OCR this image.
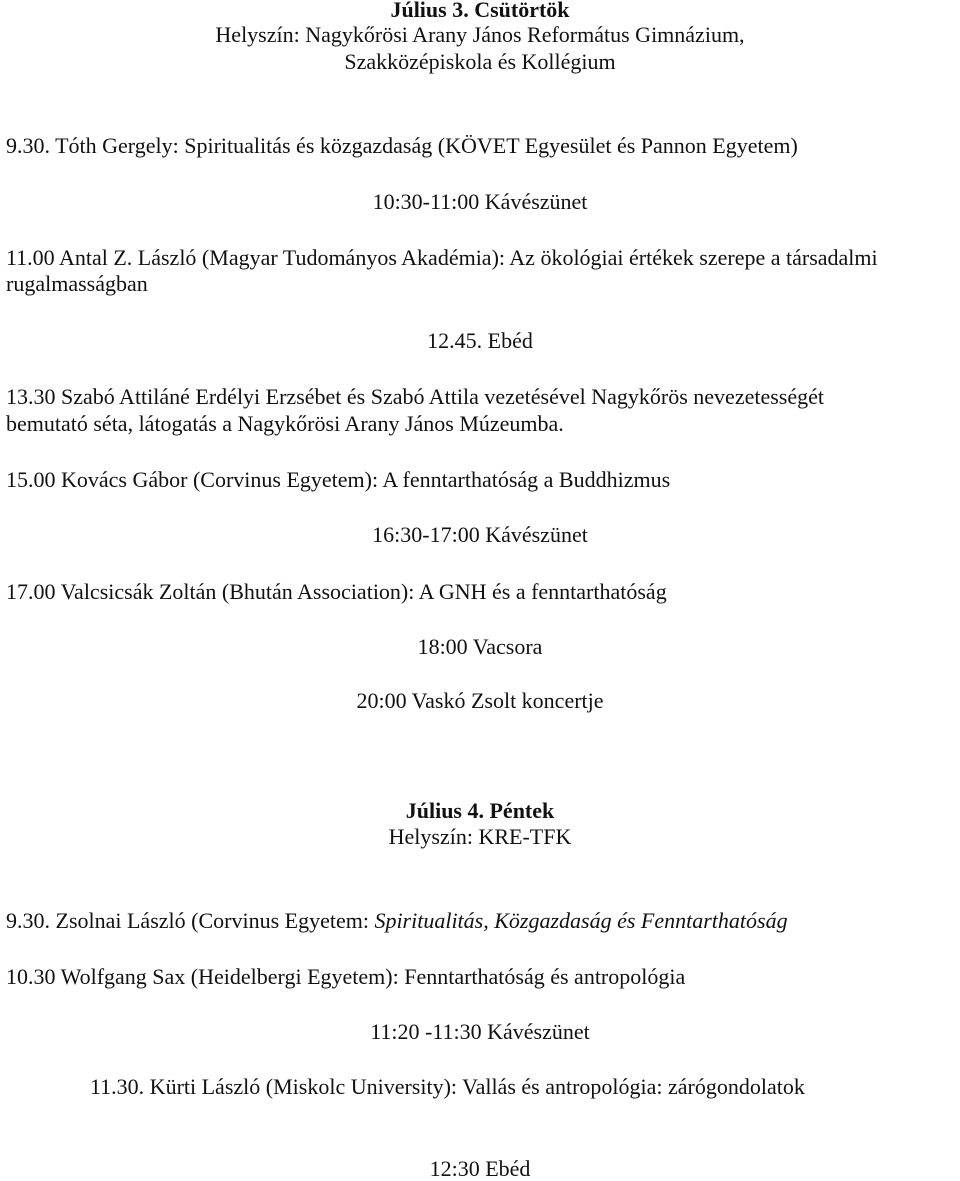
Július 3. Csütörtök
Helyszín: Nagykőrösi Arany János Református Gimnázium,
Szakközépiskola és Kollégium
9.30. Tóth Gergely: Spiritualitás és közgazdaság (KÖVET Egyesület és Pannon Egyetem)
10:30-11:00 Kávészünet
11.00 Antal Z. László (Magyar Tudományos Akadémia): Az ökológiai értékek szerepe a társadalmi
rugalmasságban
12.45. Ebéd
13.30 Szabó Attiláné Erdélyi Erzsébet és Szabó Attila vezetésével Nagykőrös nevezetességét
bemutató séta, látogatás a Nagykőrösi Arany János Múzeumba.
15.00 Kovács Gábor (Corvinus Egyetem): A fenntarthatóság a Buddhizmus
16:30-17:00 Kávészünet
17.00 Valcsicsák Zoltán (Bhután Association): A GNH és a fenntarthatóság
18:00 Vacsora
20:00 Vaskó Zsolt koncertje
Július 4. Péntek
Helyszín: KRE-TFK
9.30. Zsolnai László (Corvinus Egyetem: Spiritualitás, Közgazdaság és Fenntarthatóság
10.30 Wolfgang Sax (Heidelbergi Egyetem): Fenntarthatóság és antropológia
11:20 -11:30 Kávészünet
11.30. Kürti László (Miskolc University): Vallás és antropológia: zárógondolatok
12:30 Ebéd
